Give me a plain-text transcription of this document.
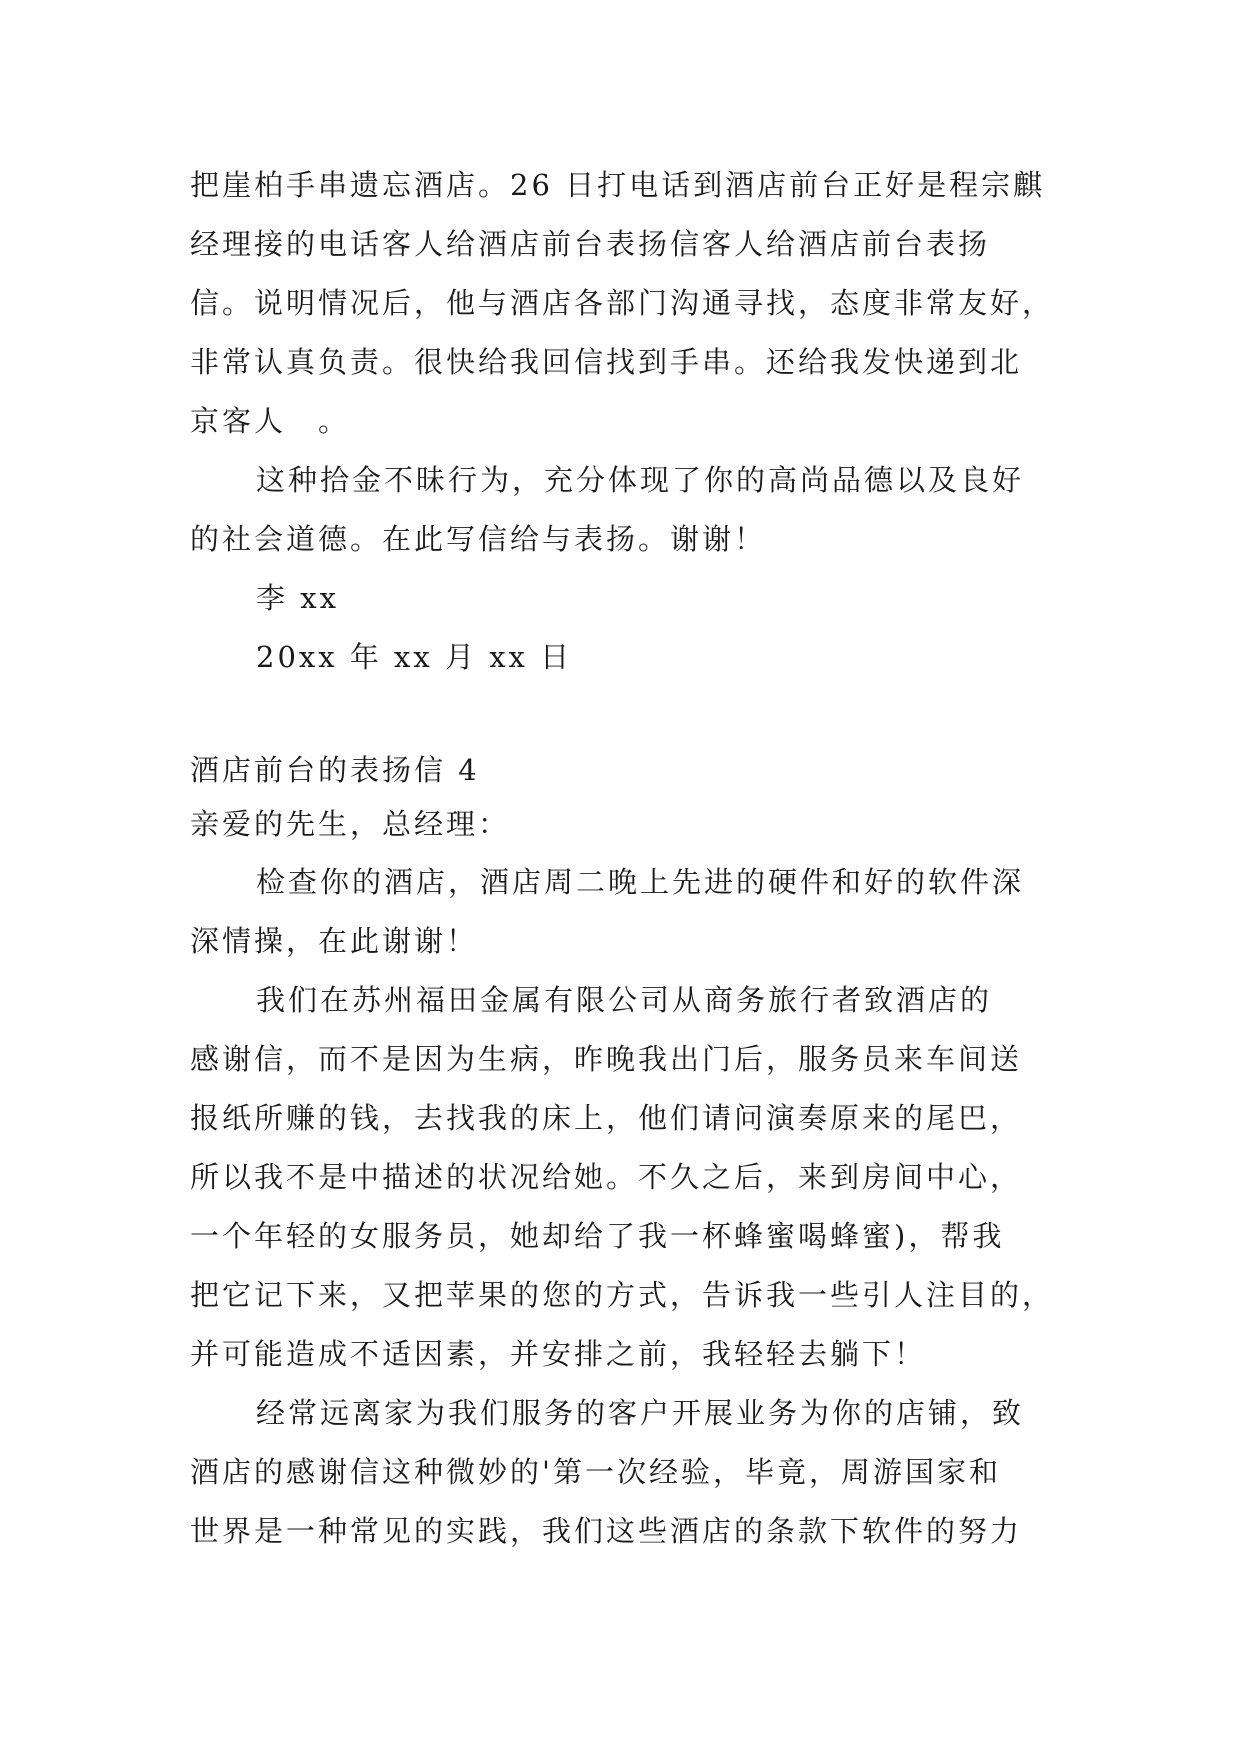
把崖柏手串遗忘酒店。26 日打电话到酒店前台正好是程宗麒
经理接的电话客人给酒店前台表扬信客人给酒店前台表扬
信。说明情况后，他与酒店各部门沟通寻找，态度非常友好，
非常认真负责。很快给我回信找到手串。还给我发快递到北
京客人　。
这种拾金不昧行为，充分体现了你的高尚品德以及良好
的社会道德。在此写信给与表扬。谢谢！
李 xx
20xx 年 xx 月 xx 日
酒店前台的表扬信 4
亲爱的先生，总经理：
检查你的酒店，酒店周二晚上先进的硬件和好的软件深
深情操，在此谢谢！
我们在苏州福田金属有限公司从商务旅行者致酒店的
感谢信，而不是因为生病，昨晚我出门后，服务员来车间送
报纸所赚的钱，去找我的床上，他们请问演奏原来的尾巴，
所以我不是中描述的状况给她。不久之后，来到房间中心，
一个年轻的女服务员，她却给了我一杯蜂蜜喝蜂蜜)，帮我
把它记下来，又把苹果的您的方式，告诉我一些引人注目的，
并可能造成不适因素，并安排之前，我轻轻去躺下！
经常远离家为我们服务的客户开展业务为你的店铺，致
酒店的感谢信这种微妙的'第一次经验，毕竟，周游国家和
世界是一种常见的实践，我们这些酒店的条款下软件的努力
